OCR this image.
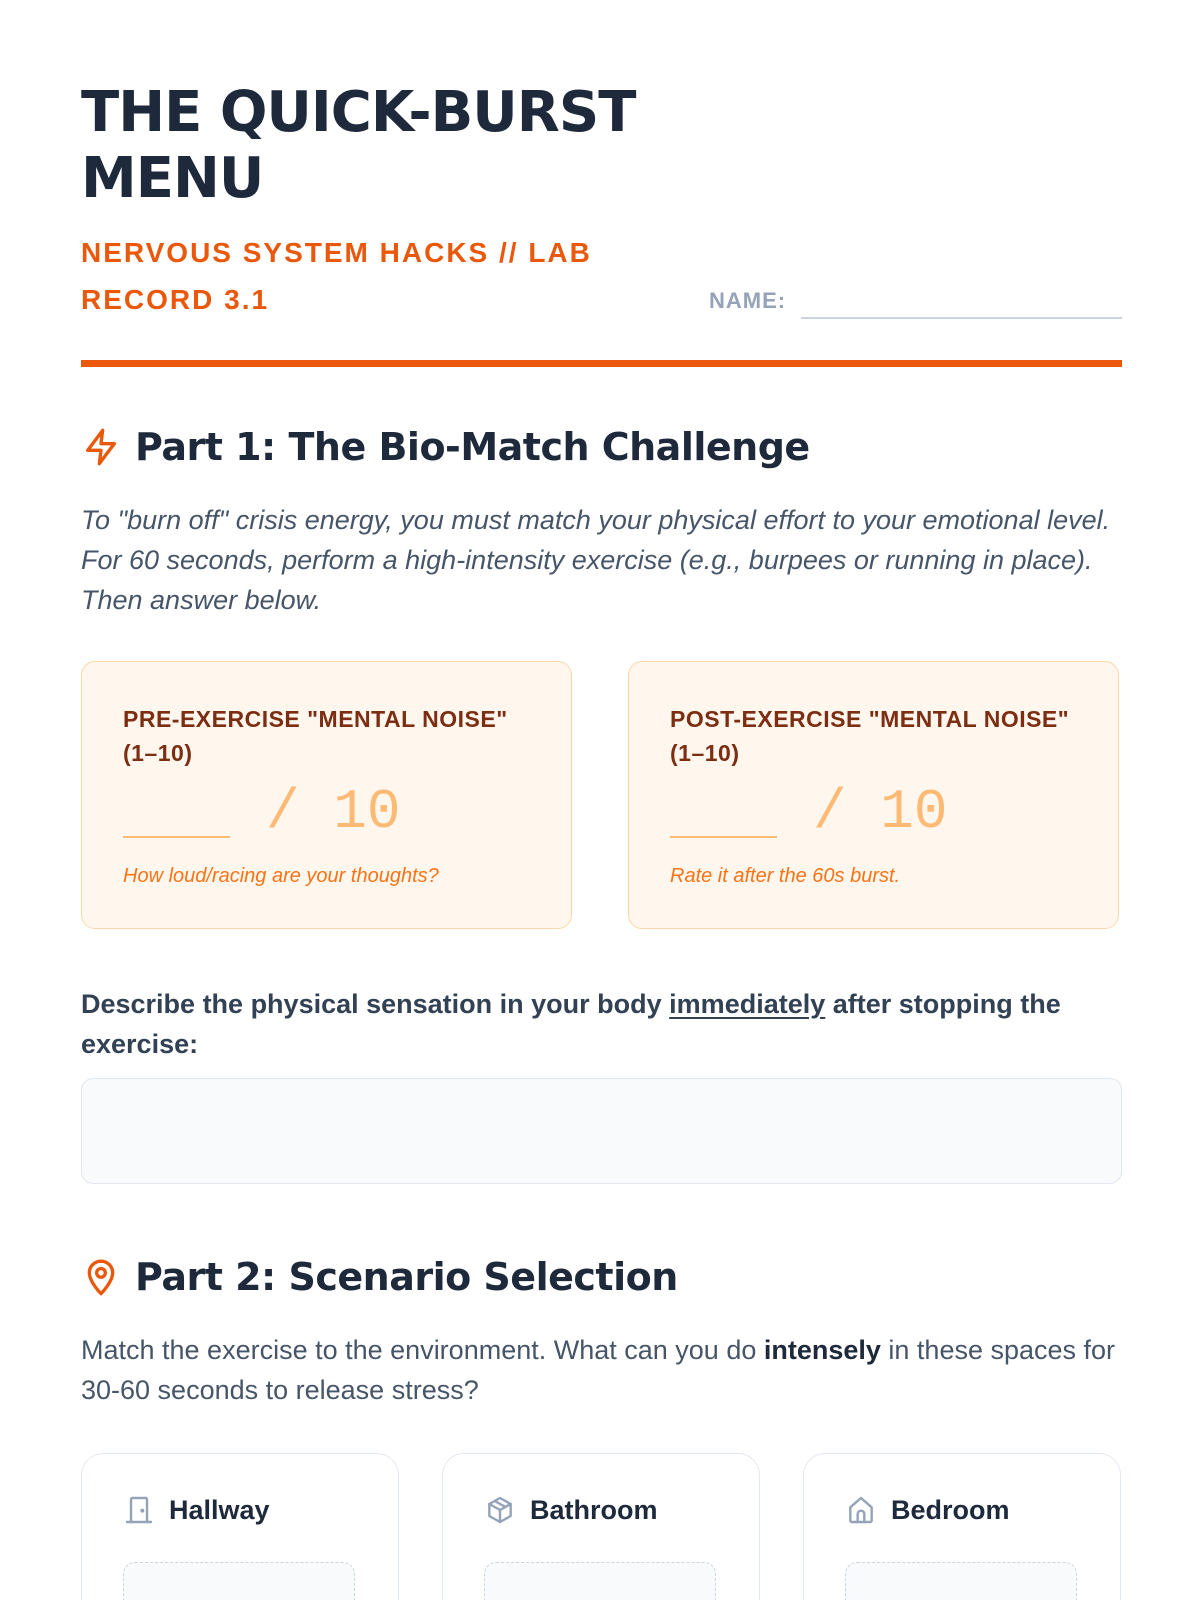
THE QUICK-BURST MENU

NERVOUS SYSTEM HACKS // LAB RECORD 3.1	NAME:
Part 1: The Bio-Match Challenge

To "burn off" crisis energy, you must match your physical effort to your emotional level. For 60 seconds, perform a high-intensity exercise (e.g., burpees or running in place). Then answer below.

PRE-EXERCISE "MENTAL NOISE" (1–10)

/ 10
How loud/racing are your thoughts?

POST-EXERCISE "MENTAL NOISE" (1–10)

/ 10
Rate it after the 60s burst.

Describe the physical sensation in your body immediately after stopping the exercise:

Part 2: Scenario Selection

Match the exercise to the environment. What can you do intensely in these spaces for 30-60 seconds to release stress?

Hallway	Bathroom	Bedroom
